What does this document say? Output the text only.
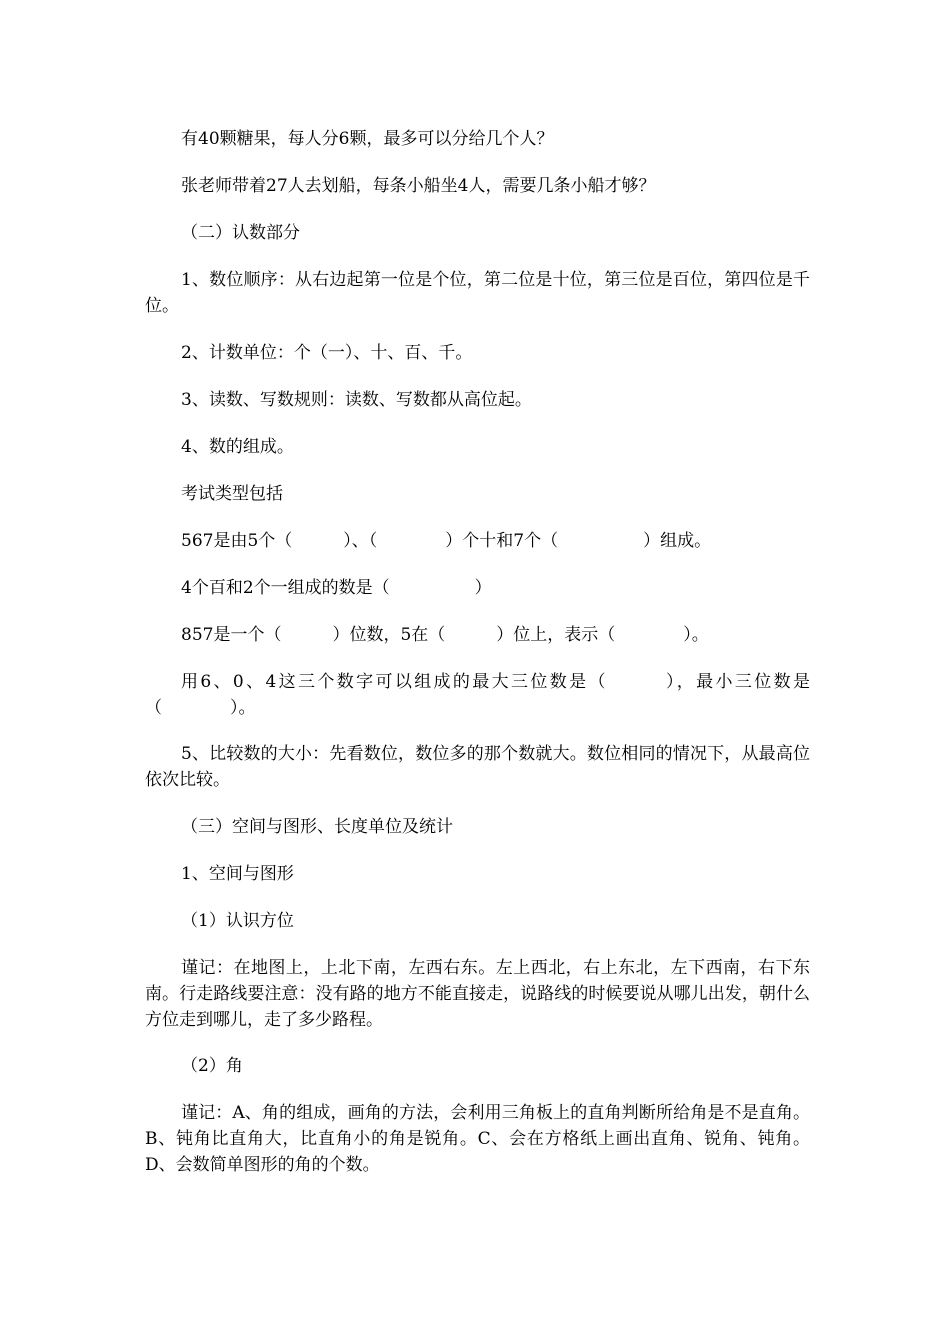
有40颗糖果，每人分6颗，最多可以分给几个人？

张老师带着27人去划船，每条小船坐4人，需要几条小船才够？

（二）认数部分

1、数位顺序：从右边起第一位是个位，第二位是十位，第三位是百位，第四位是千位。

2、计数单位：个（一）、十、百、千。

3、读数、写数规则：读数、写数都从高位起。

4、数的组成。

考试类型包括

567是由5个（　　　）、（　　　　）个十和7个（　　　　　）组成。

4个百和2个一组成的数是（　　　　　）

857是一个（　　　）位数，5在（　　　）位上，表示（　　　　）。

用6、0、4这三个数字可以组成的最大三位数是（　　　），最小三位数是（　　　　）。

5、比较数的大小：先看数位，数位多的那个数就大。数位相同的情况下，从最高位依次比较。

（三）空间与图形、长度单位及统计

1、空间与图形

（1）认识方位

谨记：在地图上，上北下南，左西右东。左上西北，右上东北，左下西南，右下东南。行走路线要注意：没有路的地方不能直接走，说路线的时候要说从哪儿出发，朝什么方位走到哪儿，走了多少路程。

（2）角

谨记：A、角的组成，画角的方法，会利用三角板上的直角判断所给角是不是直角。B、钝角比直角大，比直角小的角是锐角。C、会在方格纸上画出直角、锐角、钝角。D、会数简单图形的角的个数。
